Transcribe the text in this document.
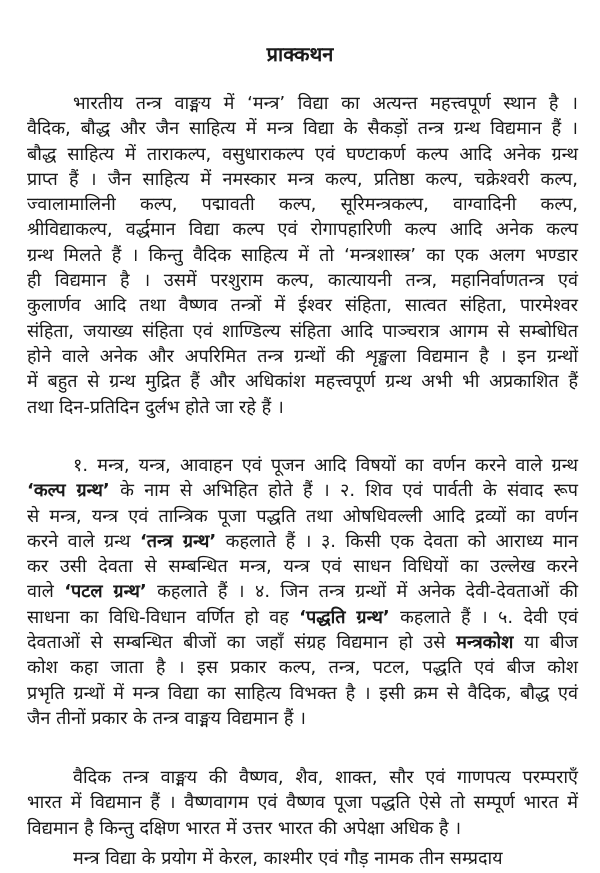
प्राक्कथन
भारतीय तन्त्र वाङ्मय में ‘मन्त्र’ विद्या का अत्यन्त महत्त्वपूर्ण स्थान है ।
वैदिक, बौद्ध और जैन साहित्य में मन्त्र विद्या के सैकड़ों तन्त्र ग्रन्थ विद्यमान हैं ।
बौद्ध साहित्य में ताराकल्प, वसुधाराकल्प एवं घण्टाकर्ण कल्प आदि अनेक ग्रन्थ
प्राप्त हैं । जैन साहित्य में नमस्कार मन्त्र कल्प, प्रतिष्ठा कल्प, चक्रेश्वरी कल्प,
ज्वालामालिनी कल्प, पद्मावती कल्प, सूरिमन्त्रकल्प, वाग्वादिनी कल्प,
श्रीविद्याकल्प, वर्द्धमान विद्या कल्प एवं रोगापहारिणी कल्प आदि अनेक कल्प
ग्रन्थ मिलते हैं । किन्तु वैदिक साहित्य में तो ‘मन्त्रशास्त्र’ का एक अलग भण्डार
ही विद्यमान है । उसमें परशुराम कल्प, कात्यायनी तन्त्र, महानिर्वाणतन्त्र एवं
कुलार्णव आदि तथा वैष्णव तन्त्रों में ईश्वर संहिता, सात्वत संहिता, पारमेश्वर
संहिता, जयाख्य संहिता एवं शाण्डिल्य संहिता आदि पाञ्चरात्र आगम से सम्बोधित
होने वाले अनेक और अपरिमित तन्त्र ग्रन्थों की शृङ्खला विद्यमान है । इन ग्रन्थों
में बहुत से ग्रन्थ मुद्रित हैं और अधिकांश महत्त्वपूर्ण ग्रन्थ अभी भी अप्रकाशित हैं
तथा दिन-प्रतिदिन दुर्लभ होते जा रहे हैं ।
१. मन्त्र, यन्त्र, आवाहन एवं पूजन आदि विषयों का वर्णन करने वाले ग्रन्थ
‘कल्प ग्रन्थ’ के नाम से अभिहित होते हैं । २. शिव एवं पार्वती के संवाद रूप
से मन्त्र, यन्त्र एवं तान्त्रिक पूजा पद्धति तथा ओषधिवल्ली आदि द्रव्यों का वर्णन
करने वाले ग्रन्थ ‘तन्त्र ग्रन्थ’ कहलाते हैं । ३. किसी एक देवता को आराध्य मान
कर उसी देवता से सम्बन्धित मन्त्र, यन्त्र एवं साधन विधियों का उल्लेख करने
वाले ‘पटल ग्रन्थ’ कहलाते हैं । ४. जिन तन्त्र ग्रन्थों में अनेक देवी-देवताओं की
साधना का विधि-विधान वर्णित हो वह ‘पद्धति ग्रन्थ’ कहलाते हैं । ५. देवी एवं
देवताओं से सम्बन्धित बीजों का जहाँ संग्रह विद्यमान हो उसे मन्त्रकोश या बीज
कोश कहा जाता है । इस प्रकार कल्प, तन्त्र, पटल, पद्धति एवं बीज कोश
प्रभृति ग्रन्थों में मन्त्र विद्या का साहित्य विभक्त है । इसी क्रम से वैदिक, बौद्ध एवं
जैन तीनों प्रकार के तन्त्र वाङ्मय विद्यमान हैं ।
वैदिक तन्त्र वाङ्मय की वैष्णव, शैव, शाक्त, सौर एवं गाणपत्य परम्पराएँ
भारत में विद्यमान हैं । वैष्णवागम एवं वैष्णव पूजा पद्धति ऐसे तो सम्पूर्ण भारत में
विद्यमान है किन्तु दक्षिण भारत में उत्तर भारत की अपेक्षा अधिक है ।
मन्त्र विद्या के प्रयोग में केरल, काश्मीर एवं गौड़ नामक तीन सम्प्रदाय
